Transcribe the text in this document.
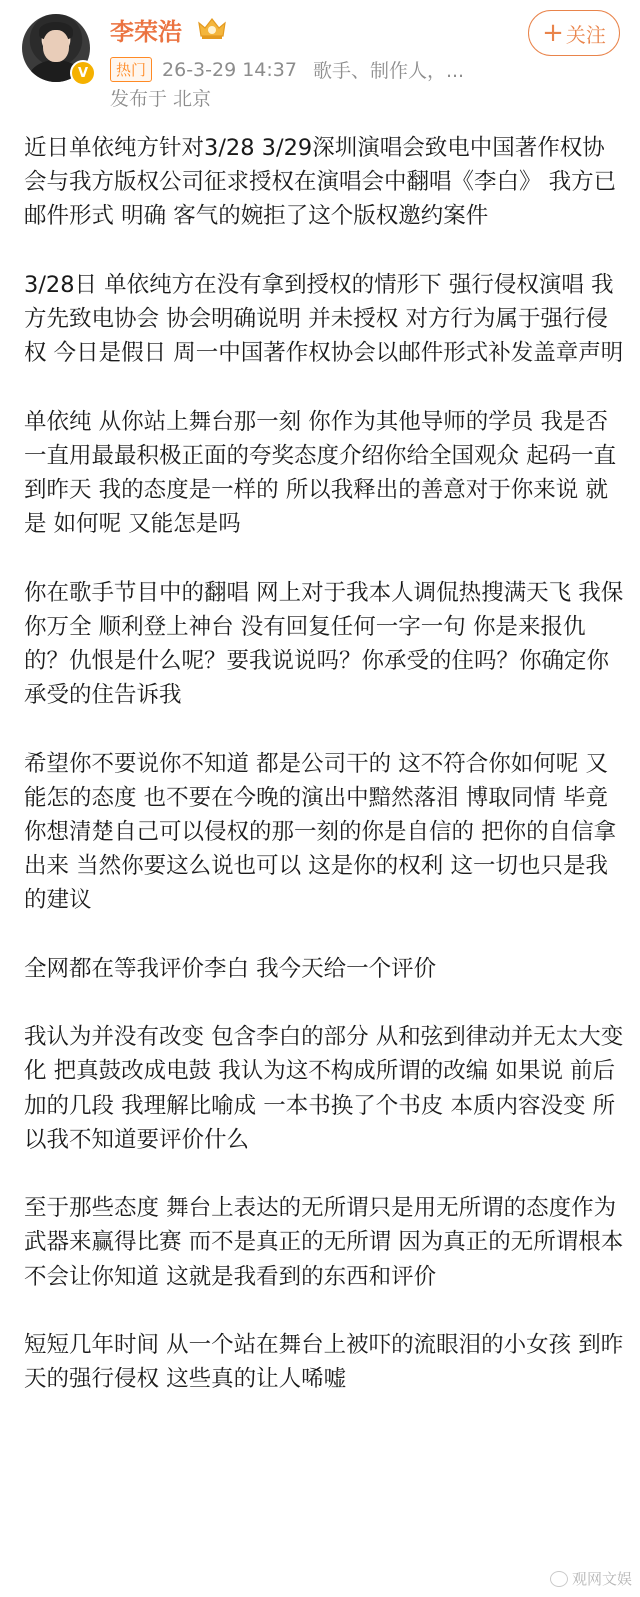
V
李荣浩	+ 关注
热门 26-3-29 14:37 歌手、制作人，...
发布于 北京

近日单依纯方针对3/28 3/29深圳演唱会致电中国著作权协会与我方版权公司征求授权在演唱会中翻唱《李白》 我方已邮件形式 明确 客气的婉拒了这个版权邀约案件

3/28日 单依纯方在没有拿到授权的情形下 强行侵权演唱 我方先致电协会 协会明确说明 并未授权 对方行为属于强行侵权 今日是假日 周一中国著作权协会以邮件形式补发盖章声明

单依纯 从你站上舞台那一刻 你作为其他导师的学员 我是否一直用最最积极正面的夸奖态度介绍你给全国观众 起码一直到昨天 我的态度是一样的 所以我释出的善意对于你来说 就是 如何呢 又能怎是吗

你在歌手节目中的翻唱 网上对于我本人调侃热搜满天飞 我保你万全 顺利登上神台 没有回复任何一字一句 你是来报仇的？仇恨是什么呢？要我说说吗？你承受的住吗？你确定你承受的住告诉我

希望你不要说你不知道 都是公司干的 这不符合你如何呢 又能怎的态度 也不要在今晚的演出中黯然落泪 博取同情 毕竟你想清楚自己可以侵权的那一刻的你是自信的 把你的自信拿出来 当然你要这么说也可以 这是你的权利 这一切也只是我的建议

全网都在等我评价李白 我今天给一个评价

我认为并没有改变 包含李白的部分 从和弦到律动并无太大变化 把真鼓改成电鼓 我认为这不构成所谓的改编 如果说 前后加的几段 我理解比喻成 一本书换了个书皮 本质内容没变 所以我不知道要评价什么

至于那些态度 舞台上表达的无所谓只是用无所谓的态度作为武器来赢得比赛 而不是真正的无所谓 因为真正的无所谓根本不会让你知道 这就是我看到的东西和评价

短短几年时间 从一个站在舞台上被吓的流眼泪的小女孩 到昨天的强行侵权 这些真的让人唏嘘

观网文娱
